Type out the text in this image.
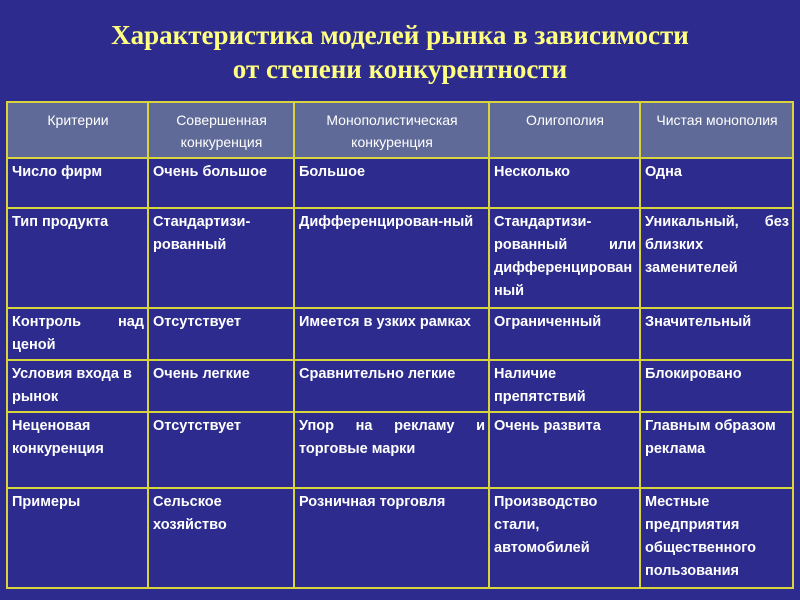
Характеристика моделей рынка в зависимости
от степени конкурентности
Критерии	Совершенная конкуренция	Монополистическая конкуренция	Олигополия	Чистая монополия
Число фирм	Очень большое	Большое	Несколько	Одна
Тип продукта	Стандартизи-рованный	Дифференцирован-ный	Стандартизи-рованный или дифференцированный	Уникальный, без близких заменителей
Контроль над ценой	Отсутствует	Имеется в узких рамках	Ограниченный	Значительный
Условия входа в рынок	Очень легкие	Сравнительно легкие	Наличие препятствий	Блокировано
Неценовая конкуренция	Отсутствует	Упор на рекламу и торговые марки	Очень развита	Главным образом реклама
Примеры	Сельское хозяйство	Розничная торговля	Производство стали, автомобилей	Местные предприятия общественного пользования
